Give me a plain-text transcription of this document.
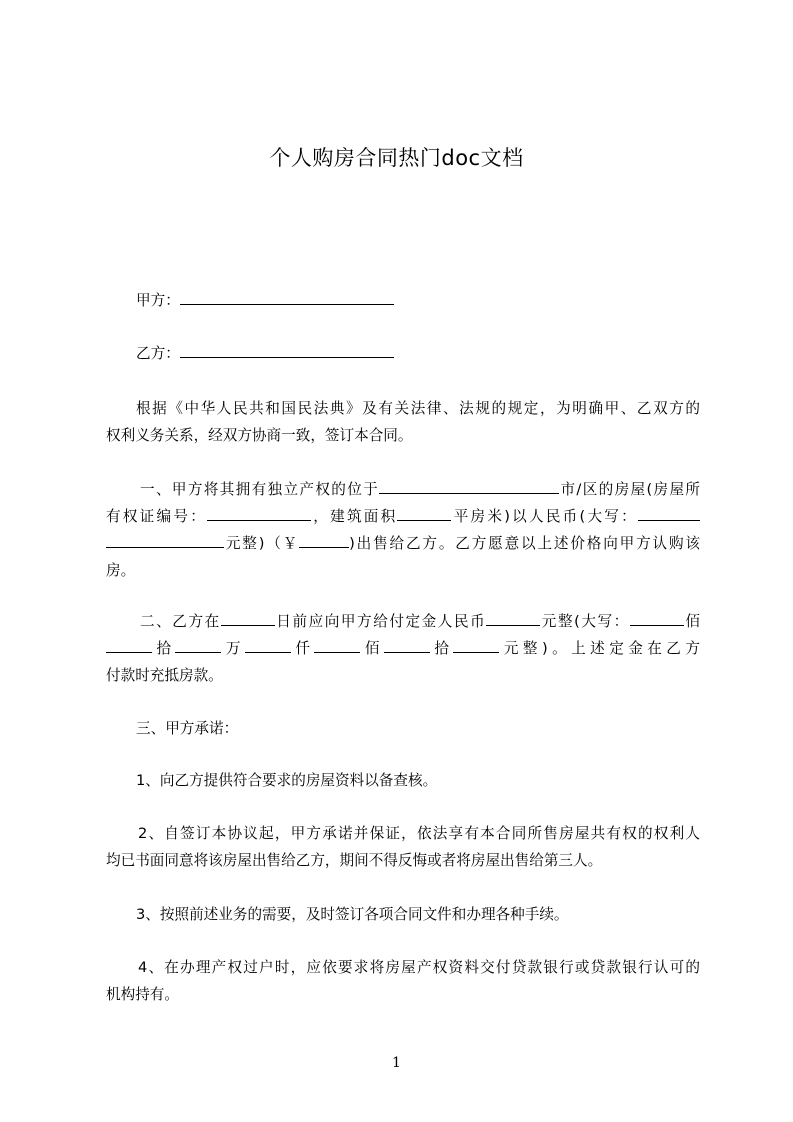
个人购房合同热门doc文档
甲方：
乙方：
根据《中华人民共和国民法典》及有关法律、法规的规定，为明确甲、乙双方的
权利义务关系，经双方协商一致，签订本合同。
一、甲方将其拥有独立产权的位于	市/区的房屋(房屋所
有权证编号：	，建筑面积	平房米)以人民币(大写：
元整)（￥	)出售给乙方。乙方愿意以上述价格向甲方认购该
房。
二、乙方在	日前应向甲方给付定金人民币	元整(大写：	佰
拾	万	仟	佰	拾	元整)。上述定金在乙方
付款时充抵房款。
三、甲方承诺：
1、向乙方提供符合要求的房屋资料以备查核。
2、自签订本协议起，甲方承诺并保证，依法享有本合同所售房屋共有权的权利人
均已书面同意将该房屋出售给乙方，期间不得反悔或者将房屋出售给第三人。
3、按照前述业务的需要，及时签订各项合同文件和办理各种手续。
4、在办理产权过户时，应依要求将房屋产权资料交付贷款银行或贷款银行认可的
机构持有。
1
